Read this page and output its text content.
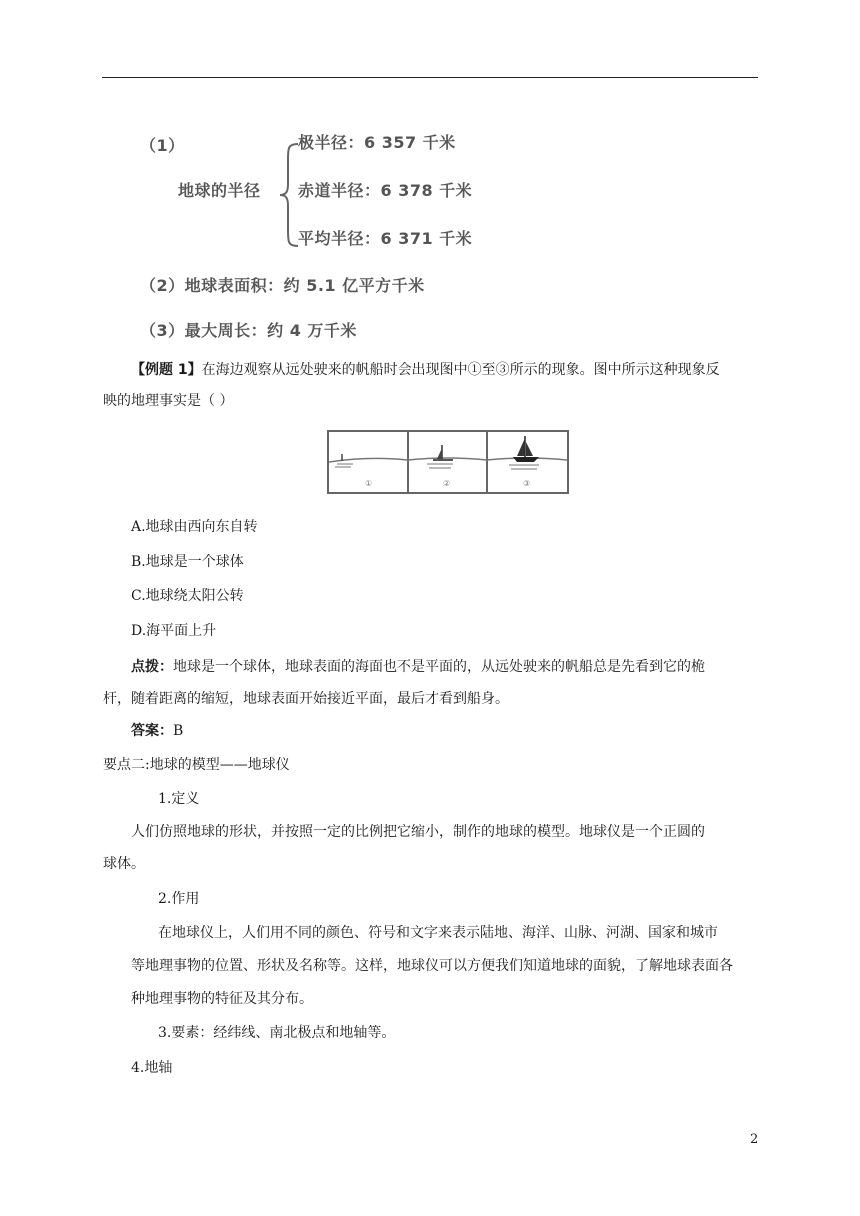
（1）
地球的半径
极半径：6 357 千米
赤道半径：6 378 千米
平均半径：6 371 千米
（2）地球表面积：约 5.1 亿平方千米
（3）最大周长：约 4 万千米
【例题 1】在海边观察从远处驶来的帆船时会出现图中①至③所示的现象。图中所示这种现象反
映的地理事实是（ ）
①	②	③
A.地球由西向东自转
B.地球是一个球体
C.地球绕太阳公转
D.海平面上升
点拨：地球是一个球体，地球表面的海面也不是平面的，从远处驶来的帆船总是先看到它的桅
杆，随着距离的缩短，地球表面开始接近平面，最后才看到船身。
答案：B
要点二:地球的模型——地球仪
1.定义
人们仿照地球的形状，并按照一定的比例把它缩小，制作的地球的模型。地球仪是一个正圆的
球体。
2.作用
在地球仪上，人们用不同的颜色、符号和文字来表示陆地、海洋、山脉、河湖、国家和城市
等地理事物的位置、形状及名称等。这样，地球仪可以方便我们知道地球的面貌，了解地球表面各
种地理事物的特征及其分布。
3.要素：经纬线、南北极点和地轴等。
4.地轴
2
